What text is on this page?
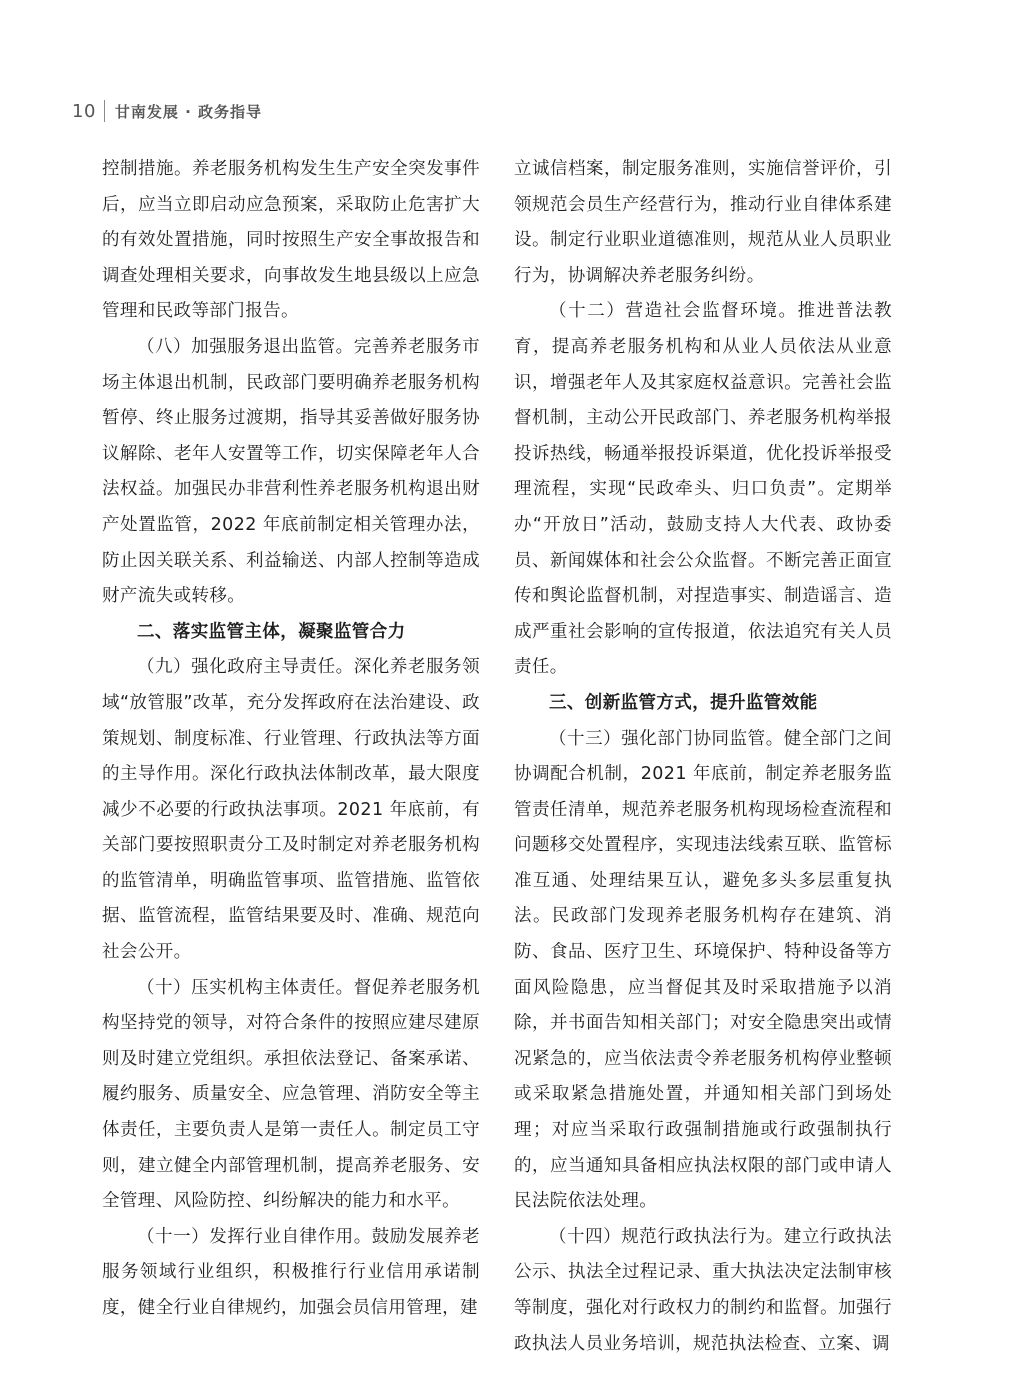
10 甘南发展 · 政务指导

控制措施。养老服务机构发生生产安全突发事件后，应当立即启动应急预案，采取防止危害扩大的有效处置措施，同时按照生产安全事故报告和调查处理相关要求，向事故发生地县级以上应急管理和民政等部门报告。

（八）加强服务退出监管。完善养老服务市场主体退出机制，民政部门要明确养老服务机构暂停、终止服务过渡期，指导其妥善做好服务协议解除、老年人安置等工作，切实保障老年人合法权益。加强民办非营利性养老服务机构退出财产处置监管，2022 年底前制定相关管理办法，防止因关联关系、利益输送、内部人控制等造成财产流失或转移。

二、落实监管主体，凝聚监管合力

（九）强化政府主导责任。深化养老服务领域“放管服”改革，充分发挥政府在法治建设、政策规划、制度标准、行业管理、行政执法等方面的主导作用。深化行政执法体制改革，最大限度减少不必要的行政执法事项。2021 年底前，有关部门要按照职责分工及时制定对养老服务机构的监管清单，明确监管事项、监管措施、监管依据、监管流程，监管结果要及时、准确、规范向社会公开。

（十）压实机构主体责任。督促养老服务机构坚持党的领导，对符合条件的按照应建尽建原则及时建立党组织。承担依法登记、备案承诺、履约服务、质量安全、应急管理、消防安全等主体责任，主要负责人是第一责任人。制定员工守则，建立健全内部管理机制，提高养老服务、安全管理、风险防控、纠纷解决的能力和水平。

（十一）发挥行业自律作用。鼓励发展养老服务领域行业组织，积极推行行业信用承诺制度，健全行业自律规约，加强会员信用管理，建

立诚信档案，制定服务准则，实施信誉评价，引领规范会员生产经营行为，推动行业自律体系建设。制定行业职业道德准则，规范从业人员职业行为，协调解决养老服务纠纷。

（十二）营造社会监督环境。推进普法教育，提高养老服务机构和从业人员依法从业意识，增强老年人及其家庭权益意识。完善社会监督机制，主动公开民政部门、养老服务机构举报投诉热线，畅通举报投诉渠道，优化投诉举报受理流程，实现“民政牵头、归口负责”。定期举办“开放日”活动，鼓励支持人大代表、政协委员、新闻媒体和社会公众监督。不断完善正面宣传和舆论监督机制，对捏造事实、制造谣言、造成严重社会影响的宣传报道，依法追究有关人员责任。

三、创新监管方式，提升监管效能

（十三）强化部门协同监管。健全部门之间协调配合机制，2021 年底前，制定养老服务监管责任清单，规范养老服务机构现场检查流程和问题移交处置程序，实现违法线索互联、监管标准互通、处理结果互认，避免多头多层重复执法。民政部门发现养老服务机构存在建筑、消防、食品、医疗卫生、环境保护、特种设备等方面风险隐患，应当督促其及时采取措施予以消除，并书面告知相关部门；对安全隐患突出或情况紧急的，应当依法责令养老服务机构停业整顿或采取紧急措施处置，并通知相关部门到场处理；对应当采取行政强制措施或行政强制执行的，应当通知具备相应执法权限的部门或申请人民法院依法处理。

（十四）规范行政执法行为。建立行政执法公示、执法全过程记录、重大执法决定法制审核等制度，强化对行政权力的制约和监督。加强行政执法人员业务培训，规范执法检查、立案、调
